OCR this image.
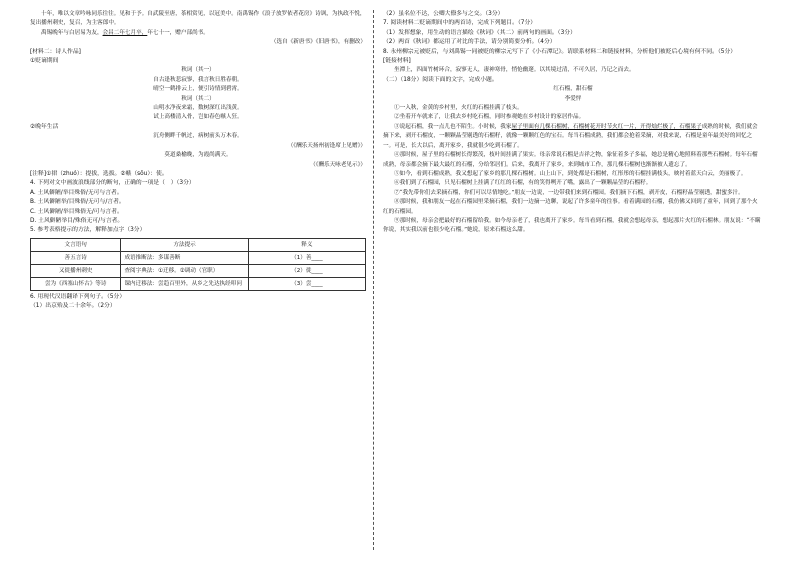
十年，唯以文章吟咏同乐往往。见和于予。自武陵至唐，茶相赏见，以冠美中。南禹锡作《浪子放罗依者花房》诗讽，为执政不悦，复出播州刺史，复召，为主客郎中。

禹锡晚年与白居易为友，会昌二年七月卒，年七十一，赠户部尚书。

（选自《新唐书》《旧唐书》，有删改）

[材料二：诗人作品]

①贬谪期间

秋词（其一）

自古逢秋悲寂寥，我言秋日胜春朝。

晴空一鹤排云上，便引诗情到碧霄。

秋词（其二）

山明水净夜来霜，数树深红出浅黄。

试上高楼清入骨，岂如春色嗾人狂。

②晚年生活

沉舟侧畔千帆过，病树前头万木春。

（《酬乐天扬州初逢席上见赠》）

莫道桑榆晚，为霞尚满天。

（《酬乐天咏老见示》）

[注释]①捃（zhuó）：提拔，选拔。②嗾（sǒu）：使。

4. 下列对文中画波浪线部分的断句，正确的一项是（　）（3分）

A. 土风僻陋/举目殊俗/无可与言者。

B. 土风僻陋举/目殊俗/无可与/言者。

C. 土风僻陋/举目殊俗无/可与言者。

D. 土风僻陋举目/殊俗无可/与言者。

5. 参考表格提示的方法，解释加点字（3分）

文言语句	方法提示	释义
善五言诗	成语推断法：多谋善断	（1）善____
又徙播州刺史	查阅字典法：①迁移。②调动（官职）	（2）徙____
尝为《西塞山怀古》等诗	课内迁移法：尝趋百里外，从乡之先达执经叩问	（3）尝____

6. 用现代汉语翻译下列句子。（5分）

（1）出京殆及二十余年。（2分）

（2）虽名位不达，公卿大僚多与之交。（3分）

7. 阅读材料二贬谪期间中的两首诗，完成下列题目。（7分）

（1）发挥想象，用生动的语言描绘《秋词》（其二）前两句的画面。（3分）

（2）两首《秋词》都运用了对比的手法，请分别简要分析。（4分）

8. 永州柳宗元被贬后，与刘禹锡一同被贬的柳宗元写下了《小石潭记》。请联系材料二和链接材料，分析他们被贬后心境有何不同。（5分）

[链接材料]

坐潭上，四面竹树环合，寂寥无人，凄神寒骨，悄怆幽邃。以其境过清，不可久居，乃记之而去。

（二）（18分）阅读下面的文字，完成小题。

红石榴，甜石榴

李爱怦

①一入秋，金黄的乡村里，火红的石榴挂满了枝头。

②坐着开车就来了，让我去乡村吃石榴，同时参观她在乡村设计的家居作品。

③说起石榴，我一点儿也不陌生。小时候，我家屋子里面有几棵石榴树，石榴树花开时节火红一片，开得灿烂极了，石榴果子成熟的时候，我们就会摘下来，剥开石榴皮，一颗颗晶莹剔透的石榴籽，就像一颗颗红色的宝石。每当石榴成熟，我们都会抢着采摘，对我来说，石榴是童年最美好的回忆之一。可是，长大以后，离开家乡，我就很少吃到石榴了。

④那时候，屋子里的石榴树长得繁茂，枝叶间挂满了果实。母亲常说石榴是吉祥之物，象征着多子多福，她总是精心地照料着那些石榴树。每年石榴成熟，母亲都会摘下最大最红的石榴，分给邻居们。后来，我离开了家乡，来到城市工作，那几棵石榴树也渐渐被人遗忘了。

⑤如今，看到石榴成熟，我又想起了家乡的那几棵石榴树。山上山下，到处都是石榴树，红彤彤的石榴挂满枝头，映衬着蓝天白云，美丽极了。

⑥我们到了石榴园，只见石榴树上挂满了红红的石榴，有的笑得咧开了嘴，露出了一颗颗晶莹的石榴籽。

⑦“我先带你们去采摘石榴，你们可以尽情地吃。”朋友一边说，一边带我们来到石榴园。我们摘下石榴，剥开皮，石榴籽晶莹剔透，甜蜜多汁。

⑧那时候，我和朋友一起在石榴园里采摘石榴，我们一边摘一边聊，说起了许多童年的往事。看着满园的石榴，我仿佛又回到了童年，回到了那个火红的石榴园。

⑨那时候，母亲会把最好的石榴留给我。如今母亲老了，我也离开了家乡。每当看到石榴，我就会想起母亲，想起那片火红的石榴林。朋友说：“不瞒你说，其实我以前也很少吃石榴。”她说，原来石榴这么甜。
